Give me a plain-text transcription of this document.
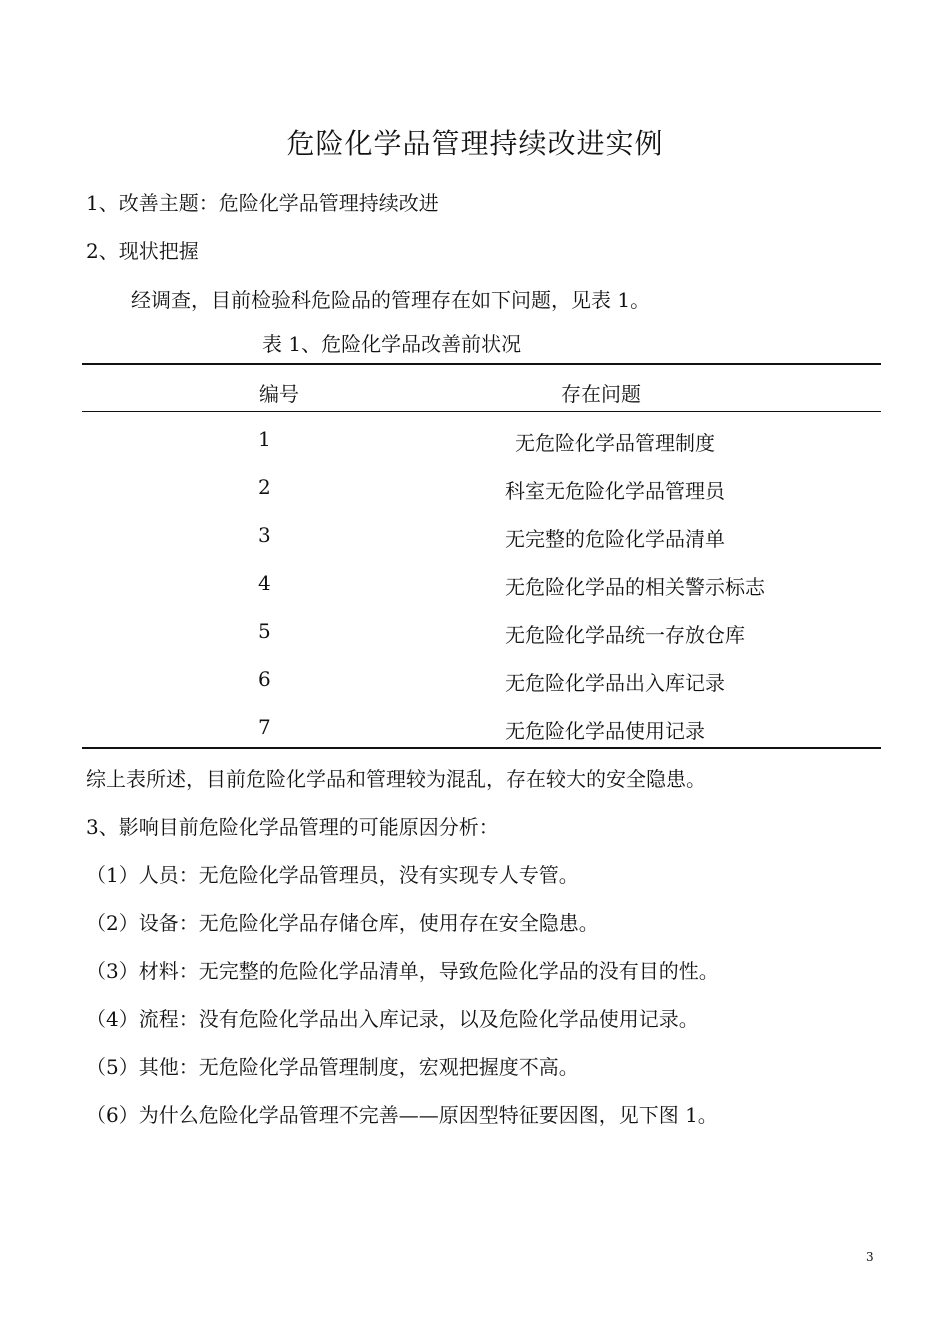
危险化学品管理持续改进实例
1、改善主题：危险化学品管理持续改进
2、现状把握
经调查，目前检验科危险品的管理存在如下问题，见表 1。
表 1、危险化学品改善前状况
编号	存在问题
1	无危险化学品管理制度
2	科室无危险化学品管理员
3	无完整的危险化学品清单
4	无危险化学品的相关警示标志
5	无危险化学品统一存放仓库
6	无危险化学品出入库记录
7	无危险化学品使用记录
综上表所述，目前危险化学品和管理较为混乱，存在较大的安全隐患。
3、影响目前危险化学品管理的可能原因分析：
（1）人员：无危险化学品管理员，没有实现专人专管。
（2）设备：无危险化学品存储仓库，使用存在安全隐患。
（3）材料：无完整的危险化学品清单，导致危险化学品的没有目的性。
（4）流程：没有危险化学品出入库记录，以及危险化学品使用记录。
（5）其他：无危险化学品管理制度，宏观把握度不高。
（6）为什么危险化学品管理不完善——原因型特征要因图，见下图 1。
3
